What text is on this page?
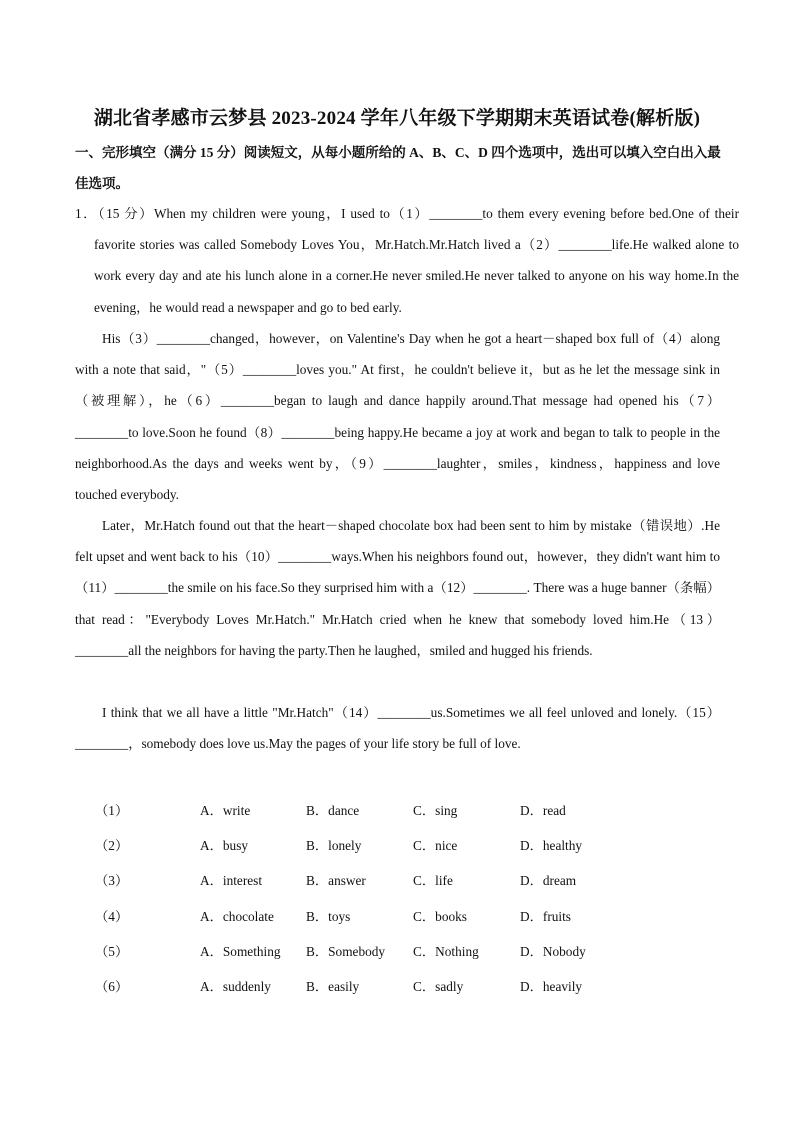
湖北省孝感市云梦县 2023-2024 学年八年级下学期期末英语试卷(解析版)
一、完形填空（满分 15 分）阅读短文，从每小题所给的 A、B、C、D 四个选项中，选出可以填入空白出入最佳选项。
1．（15 分）When my children were young，I used to（1）________to them every evening before bed.One of their favorite stories was called Somebody Loves You，Mr.Hatch.Mr.Hatch lived a（2）________life.He walked alone to work every day and ate his lunch alone in a corner.He never smiled.He never talked to anyone on his way home.In the evening，he would read a newspaper and go to bed early.
His（3）________changed，however，on Valentine's Day when he got a heart－shaped box full of（4）along with a note that said，"（5）________loves you." At first，he couldn't believe it，but as he let the message sink in（被理解），he（6）________began to laugh and dance happily around.That message had opened his（7）________to love.Soon he found（8）________being happy.He became a joy at work and began to talk to people in the neighborhood.As the days and weeks went by，（9）________laughter，smiles，kindness，happiness and love touched everybody.
Later，Mr.Hatch found out that the heart－shaped chocolate box had been sent to him by mistake（错误地）.He felt upset and went back to his（10）________ways.When his neighbors found out，however，they didn't want him to（11）________the smile on his face.So they surprised him with a（12）________. There was a huge banner（条幅） that read："Everybody Loves Mr.Hatch." Mr.Hatch cried when he knew that somebody loved him.He（13）________all the neighbors for having the party.Then he laughed，smiled and hugged his friends.
I think that we all have a little "Mr.Hatch"（14）________us.Sometimes we all feel unloved and lonely.（15）________，somebody does love us.May the pages of your life story be full of love.
（1）	A．write	B．dance	C．sing	D．read
（2）	A．busy	B．lonely	C．nice	D．healthy
（3）	A．interest	B．answer	C．life	D．dream
（4）	A．chocolate B．toys	C．books	D．fruits
（5）	A．Something B．Somebody C．Nothing	D．Nobody
（6）	A．suddenly	B．easily	C．sadly	D．heavily
